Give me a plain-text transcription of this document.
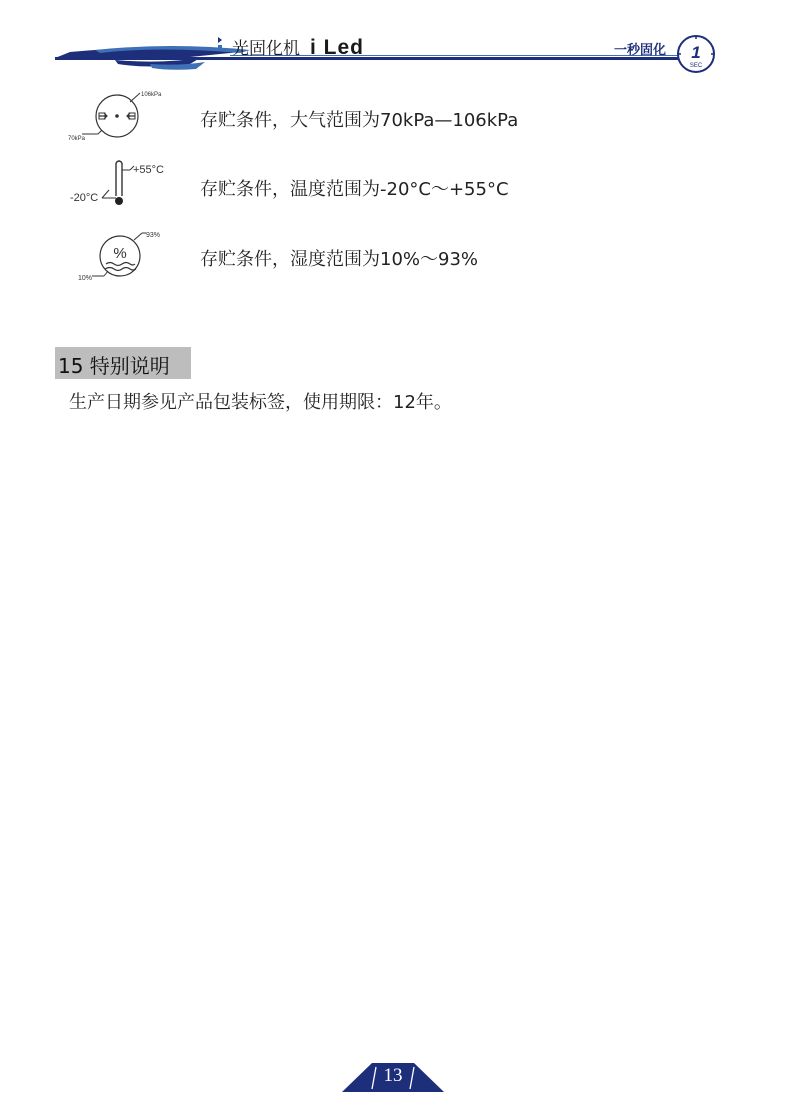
光固化机 i Led	一秒固化 1
SEC
106kPa
70kPa
存贮条件，大气范围为70kPa—106kPa
+55°C
-20°C	存贮条件，温度范围为-20°C～+55°C
%
93%
10%
存贮条件，湿度范围为10%～93%
15 特别说明
生产日期参见产品包装标签，使用期限：12年。
13
